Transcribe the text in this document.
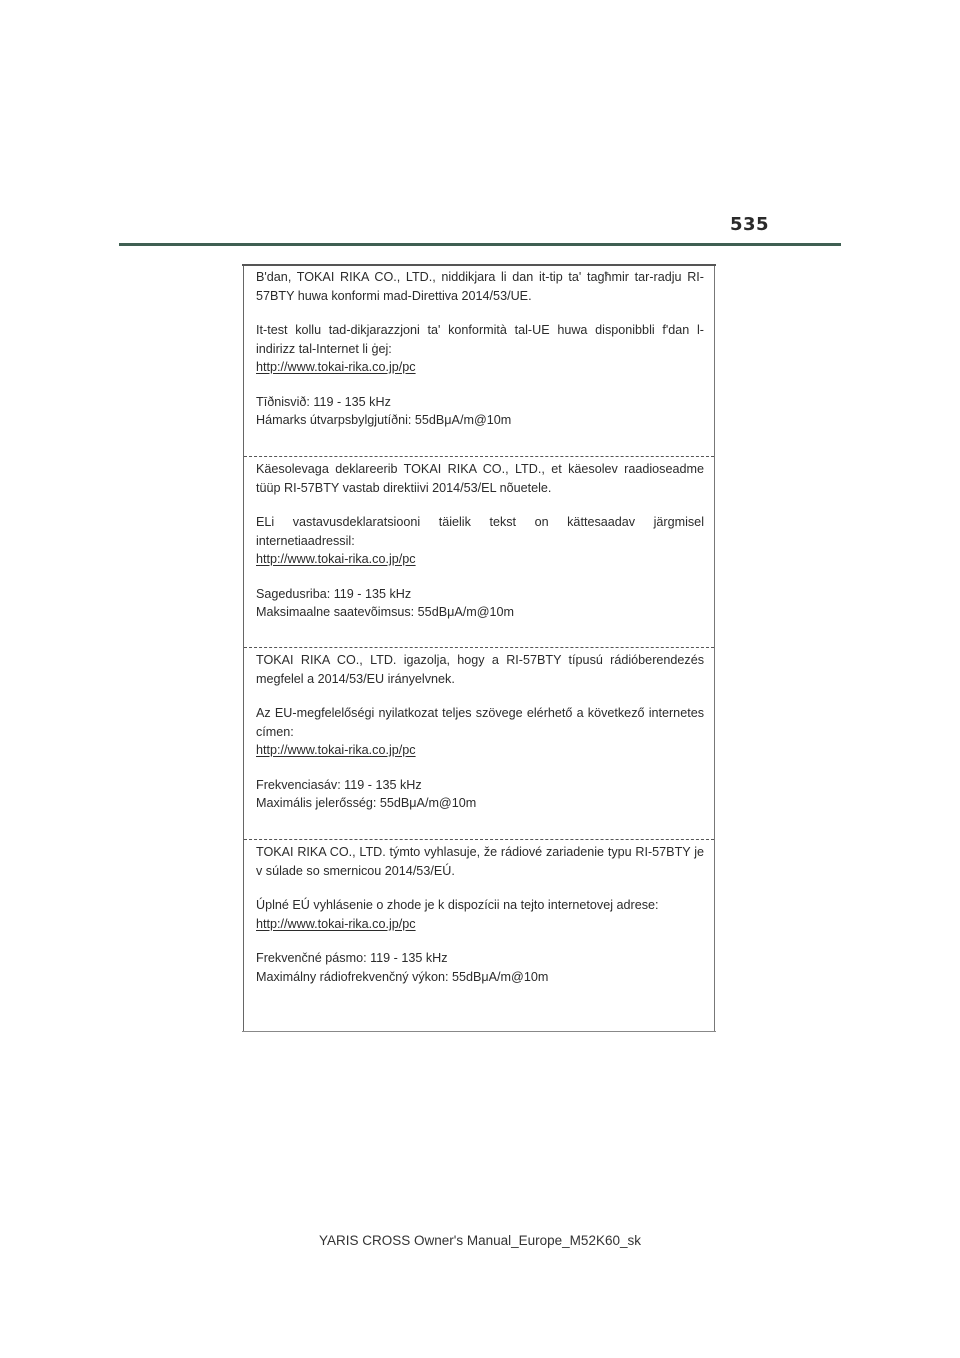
535

B'dan, TOKAI RIKA CO., LTD., niddikjara li dan it-tip ta' tagħmir tar-radju RI-57BTY huwa konformi mad-Direttiva 2014/53/UE.

It-test kollu tad-dikjarazzjoni ta' konformità tal-UE huwa disponibbli f'dan l-indirizz tal-Internet li ġej:

http://www.tokai-rika.co.jp/pc

Tīðnisvið: 119 - 135 kHz

Hámarks útvarpsbylgjutíðni: 55dBμA/m@10m

Käesolevaga deklareerib TOKAI RIKA CO., LTD., et käesolev raadioseadme tüüp RI-57BTY vastab direktiivi 2014/53/EL nõuetele.

ELi vastavusdeklaratsiooni täielik tekst on kättesaadav järgmisel internetiaadressil:

http://www.tokai-rika.co.jp/pc

Sagedusriba: 119 - 135 kHz

Maksimaalne saatevõimsus: 55dBμA/m@10m

TOKAI RIKA CO., LTD. igazolja, hogy a RI-57BTY típusú rádióberendezés megfelel a 2014/53/EU irányelvnek.

Az EU-megfelelőségi nyilatkozat teljes szövege elérhető a következő internetes címen:

http://www.tokai-rika.co.jp/pc

Frekvenciasáv: 119 - 135 kHz

Maximális jelerősség: 55dBμA/m@10m

TOKAI RIKA CO., LTD. týmto vyhlasuje, že rádiové zariadenie typu RI-57BTY je v súlade so smernicou 2014/53/EÚ.

Úplné EÚ vyhlásenie o zhode je k dispozícii na tejto internetovej adrese:

http://www.tokai-rika.co.jp/pc

Frekvenčné pásmo: 119 - 135 kHz

Maximálny rádiofrekvenčný výkon: 55dBμA/m@10m

YARIS CROSS Owner's Manual_Europe_M52K60_sk
